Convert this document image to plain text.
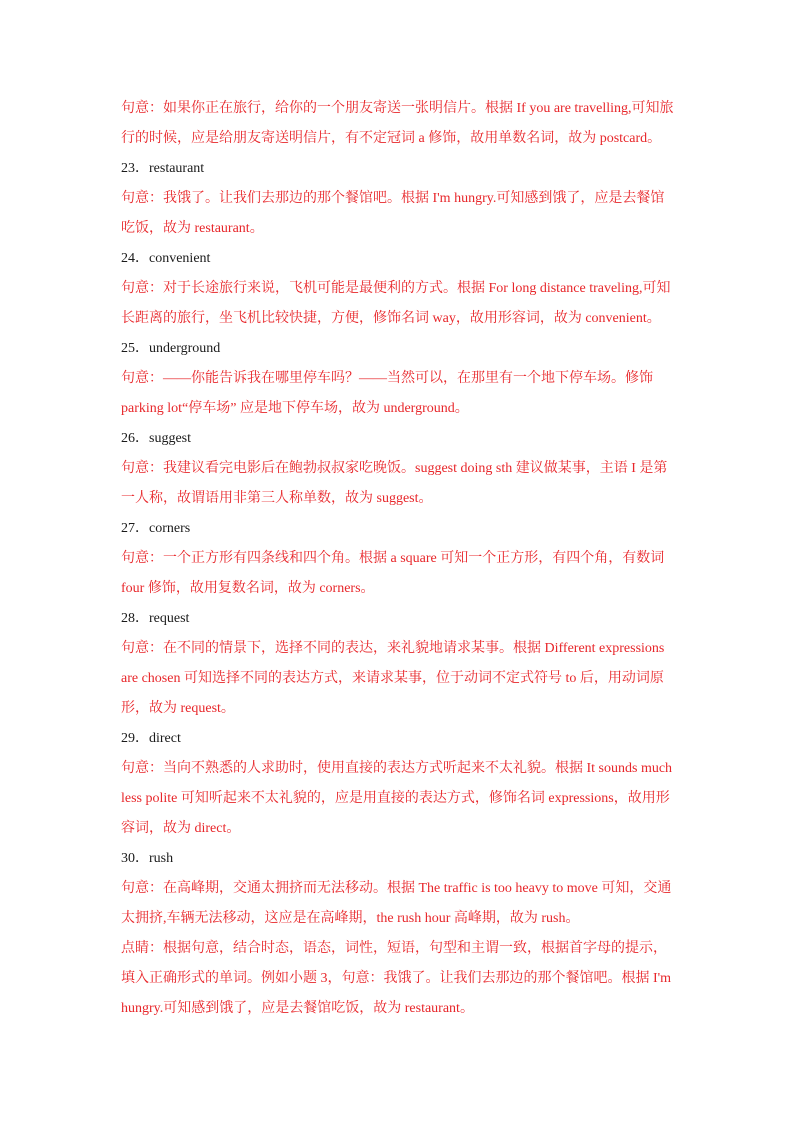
句意：如果你正在旅行，给你的一个朋友寄送一张明信片。根据 If you are travelling,可知旅
行的时候，应是给朋友寄送明信片，有不定冠词 a 修饰，故用单数名词，故为 postcard。
23．restaurant
句意：我饿了。让我们去那边的那个餐馆吧。根据 I'm hungry.可知感到饿了，应是去餐馆
吃饭，故为 restaurant。
24．convenient
句意：对于长途旅行来说，飞机可能是最便利的方式。根据 For long distance traveling,可知
长距离的旅行，坐飞机比较快捷，方便，修饰名词 way，故用形容词，故为 convenient。
25．underground
句意：——你能告诉我在哪里停车吗？——当然可以，在那里有一个地下停车场。修饰
parking lot“停车场” 应是地下停车场，故为 underground。
26．suggest
句意：我建议看完电影后在鲍勃叔叔家吃晚饭。suggest doing sth 建议做某事，主语 I 是第
一人称，故谓语用非第三人称单数，故为 suggest。
27．corners
句意：一个正方形有四条线和四个角。根据 a square 可知一个正方形，有四个角，有数词
four 修饰，故用复数名词，故为 corners。
28．request
句意：在不同的情景下，选择不同的表达，来礼貌地请求某事。根据 Different expressions
are chosen 可知选择不同的表达方式，来请求某事，位于动词不定式符号 to 后，用动词原
形，故为 request。
29．direct
句意：当向不熟悉的人求助时，使用直接的表达方式听起来不太礼貌。根据 It sounds much
less polite 可知听起来不太礼貌的，应是用直接的表达方式，修饰名词 expressions，故用形
容词，故为 direct。
30．rush
句意：在高峰期，交通太拥挤而无法移动。根据 The traffic is too heavy to move 可知，交通
太拥挤,车辆无法移动，这应是在高峰期，the rush hour 高峰期，故为 rush。
点睛：根据句意，结合时态，语态，词性，短语，句型和主谓一致，根据首字母的提示，
填入正确形式的单词。例如小题 3，句意：我饿了。让我们去那边的那个餐馆吧。根据 I'm
hungry.可知感到饿了，应是去餐馆吃饭，故为 restaurant。
